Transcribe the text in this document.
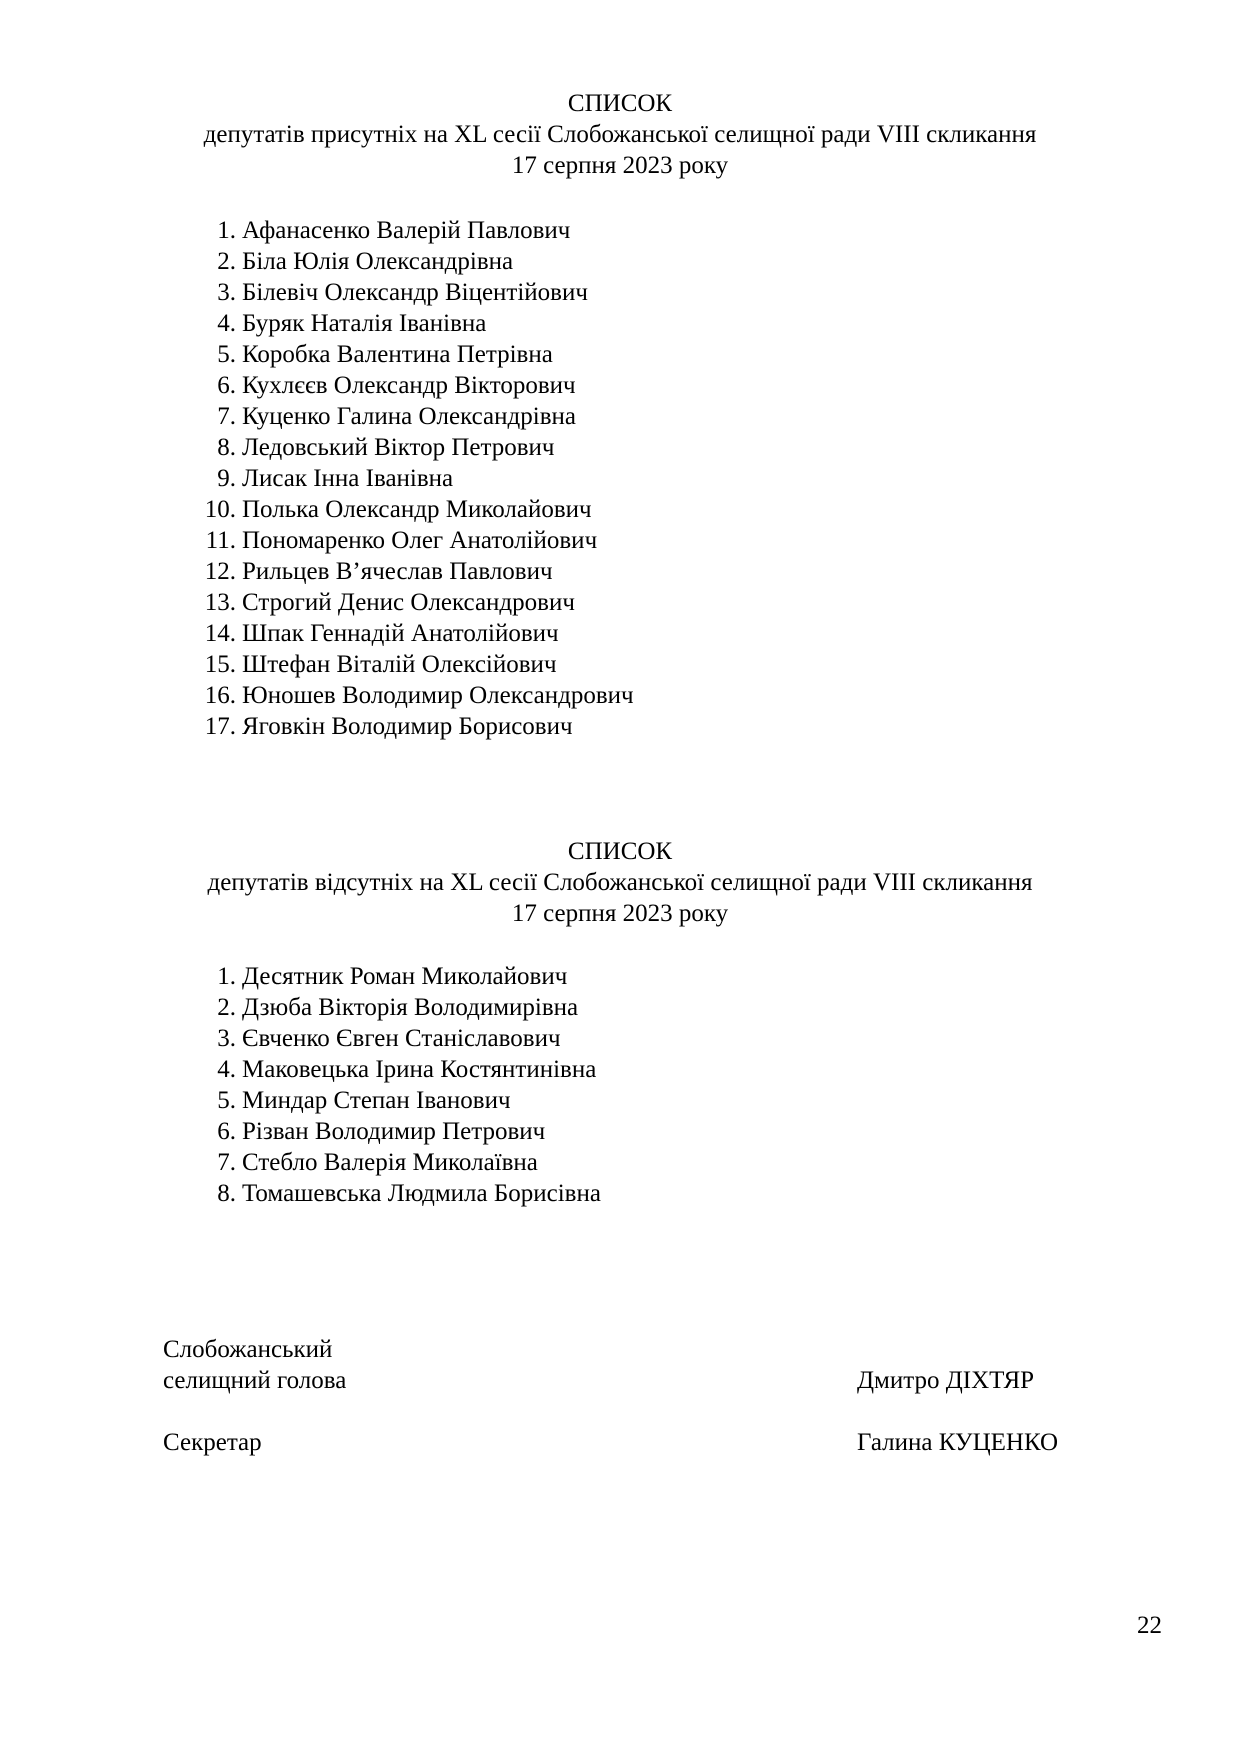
СПИСОК
депутатів присутніх на XL сесії Слобожанської селищної ради VIII скликання
17 серпня 2023 року
1. Афанасенко Валерій Павлович
2. Біла Юлія Олександрівна
3. Білевіч Олександр Віцентійович
4. Буряк Наталія Іванівна
5. Коробка Валентина Петрівна
6. Кухлєєв Олександр Вікторович
7. Куценко Галина Олександрівна
8. Ледовський Віктор Петрович
9. Лисак Інна Іванівна
10. Полька Олександр Миколайович
11. Пономаренко Олег Анатолійович
12. Рильцев В’ячеслав Павлович
13. Строгий Денис Олександрович
14. Шпак Геннадій Анатолійович
15. Штефан Віталій Олексійович
16. Юношев Володимир Олександрович
17. Яговкін Володимир Борисович
СПИСОК
депутатів відсутніх на XL сесії Слобожанської селищної ради VIII скликання
17 серпня 2023 року
1. Десятник Роман Миколайович
2. Дзюба Вікторія Володимирівна
3. Євченко Євген Станіславович
4. Маковецька Ірина Костянтинівна
5. Миндар Степан Іванович
6. Різван Володимир Петрович
7. Стебло Валерія Миколаївна
8. Томашевська Людмила Борисівна
Слобожанський
селищний голова	Дмитро ДІХТЯР
Секретар	Галина КУЦЕНКО
22
